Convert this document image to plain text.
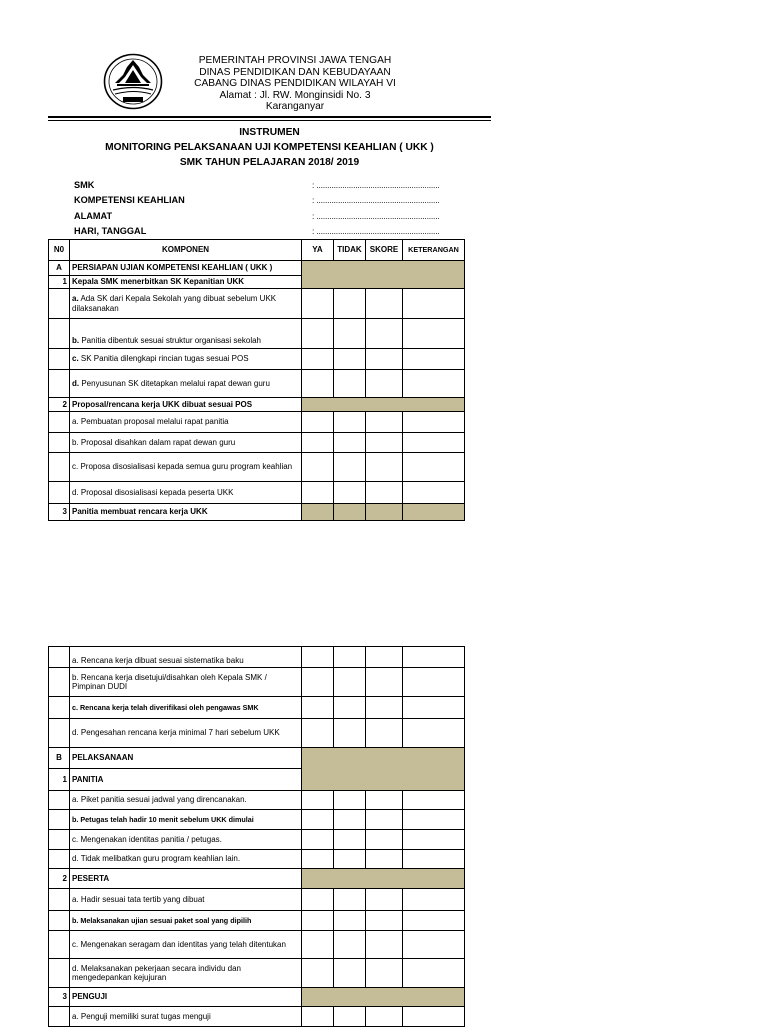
PEMERINTAH PROVINSI JAWA TENGAH
DINAS PENDIDIKAN DAN KEBUDAYAAN
CABANG DINAS PENDIDIKAN WILAYAH VI
Alamat : Jl. RW. Monginsidi No. 3
Karanganyar
INSTRUMEN
MONITORING PELAKSANAAN UJI KOMPETENSI KEAHLIAN ( UKK )
SMK TAHUN PELAJARAN 2018/ 2019
SMK	: .........................................................
KOMPETENSI KEAHLIAN	: .........................................................
ALAMAT	: .........................................................
HARI, TANGGAL	: .........................................................
N0	KOMPONEN	YA	TIDAK	SKORE	KETERANGAN
A	PERSIAPAN UJIAN KOMPETENSI KEAHLIAN ( UKK )				
1	Kepala SMK menerbitkan SK Kepanitian UKK				
	a. Ada SK dari Kepala Sekolah yang dibuat sebelum UKK dilaksanakan				
	b. Panitia dibentuk sesuai struktur organisasi sekolah				
	c. SK Panitia dilengkapi rincian tugas sesuai POS				
	d. Penyusunan SK ditetapkan melalui rapat dewan guru				
2	Proposal/rencana kerja UKK dibuat sesuai POS				
	a. Pembuatan proposal melalui rapat panitia				
	b. Proposal disahkan dalam rapat dewan guru				
	c. Proposa disosialisasi kepada semua guru program keahlian				
	d. Proposal disosialisasi kepada peserta UKK				
3	Panitia membuat rencara kerja UKK				
	a. Rencana kerja dibuat sesuai sistematika baku				
	b. Rencana kerja disetujui/disahkan oleh Kepala SMK / Pimpinan DUDI				
	c. Rencana kerja telah diverifikasi oleh pengawas SMK				
	d. Pengesahan rencana kerja minimal 7 hari sebelum UKK				
B	PELAKSANAAN				
1	PANITIA				
	a. Piket panitia sesuai jadwal yang direncanakan.				
	b. Petugas telah hadir 10 menit sebelum UKK dimulai				
	c. Mengenakan identitas panitia / petugas.				
	d. Tidak melibatkan guru program keahlian lain.				
2	PESERTA				
	a. Hadir sesuai tata tertib yang dibuat				
	b. Melaksanakan ujian sesuai paket soal yang dipilih				
	c. Mengenakan seragam dan identitas yang telah ditentukan				
	d. Melaksanakan pekerjaan secara individu dan mengedepankan kejujuran				
3	PENGUJI				
	a. Penguji memiliki surat tugas menguji				
